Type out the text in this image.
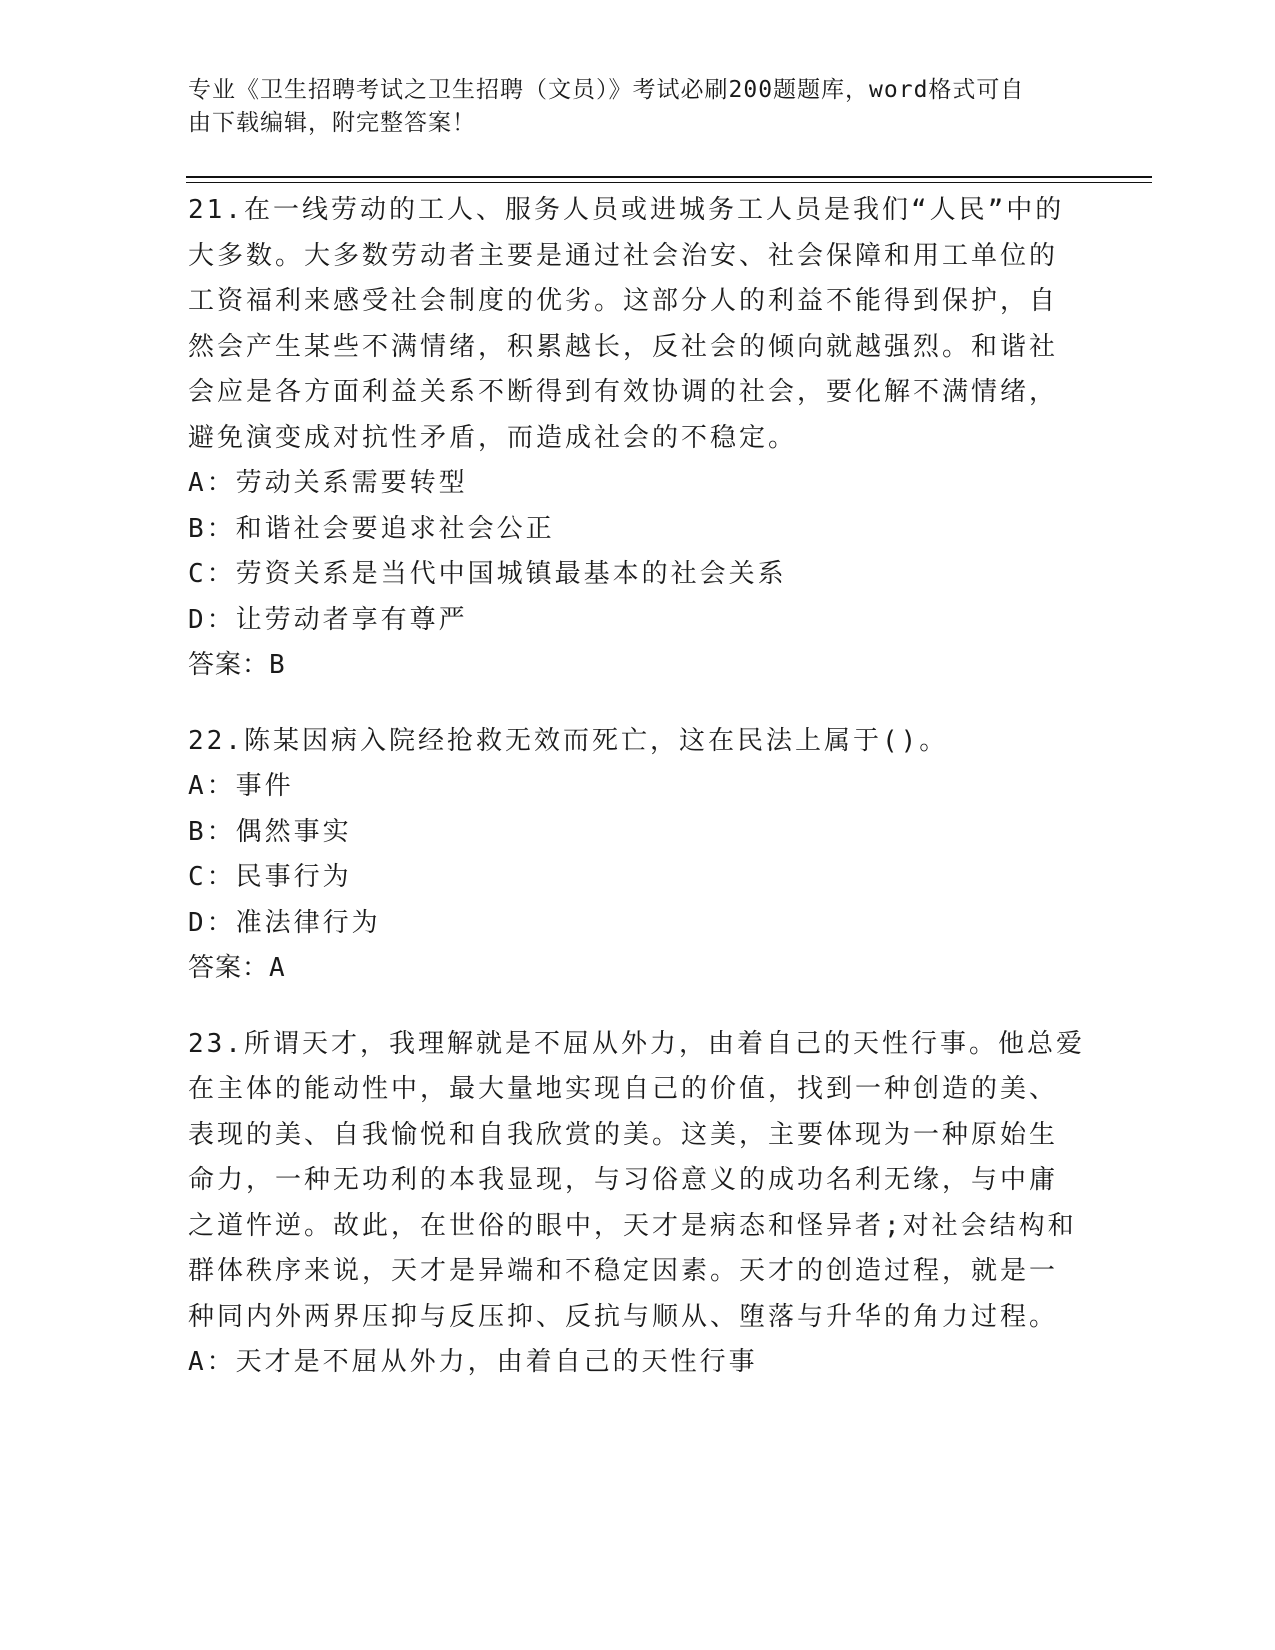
专业《卫生招聘考试之卫生招聘（文员）》考试必刷200题题库，word格式可自
由下载编辑，附完整答案！

21.在一线劳动的工人、服务人员或进城务工人员是我们“人民”中的

大多数。大多数劳动者主要是通过社会治安、社会保障和用工单位的

工资福利来感受社会制度的优劣。这部分人的利益不能得到保护，自

然会产生某些不满情绪，积累越长，反社会的倾向就越强烈。和谐社

会应是各方面利益关系不断得到有效协调的社会，要化解不满情绪，

避免演变成对抗性矛盾，而造成社会的不稳定。

A：劳动关系需要转型

B：和谐社会要追求社会公正

C：劳资关系是当代中国城镇最基本的社会关系

D：让劳动者享有尊严

答案：B

22.陈某因病入院经抢救无效而死亡，这在民法上属于()。

A：事件

B：偶然事实

C：民事行为

D：准法律行为

答案：A

23.所谓天才，我理解就是不屈从外力，由着自己的天性行事。他总爱

在主体的能动性中，最大量地实现自己的价值，找到一种创造的美、

表现的美、自我愉悦和自我欣赏的美。这美，主要体现为一种原始生

命力，一种无功利的本我显现，与习俗意义的成功名利无缘，与中庸

之道忤逆。故此，在世俗的眼中，天才是病态和怪异者;对社会结构和

群体秩序来说，天才是异端和不稳定因素。天才的创造过程，就是一

种同内外两界压抑与反压抑、反抗与顺从、堕落与升华的角力过程。

A：天才是不屈从外力，由着自己的天性行事
